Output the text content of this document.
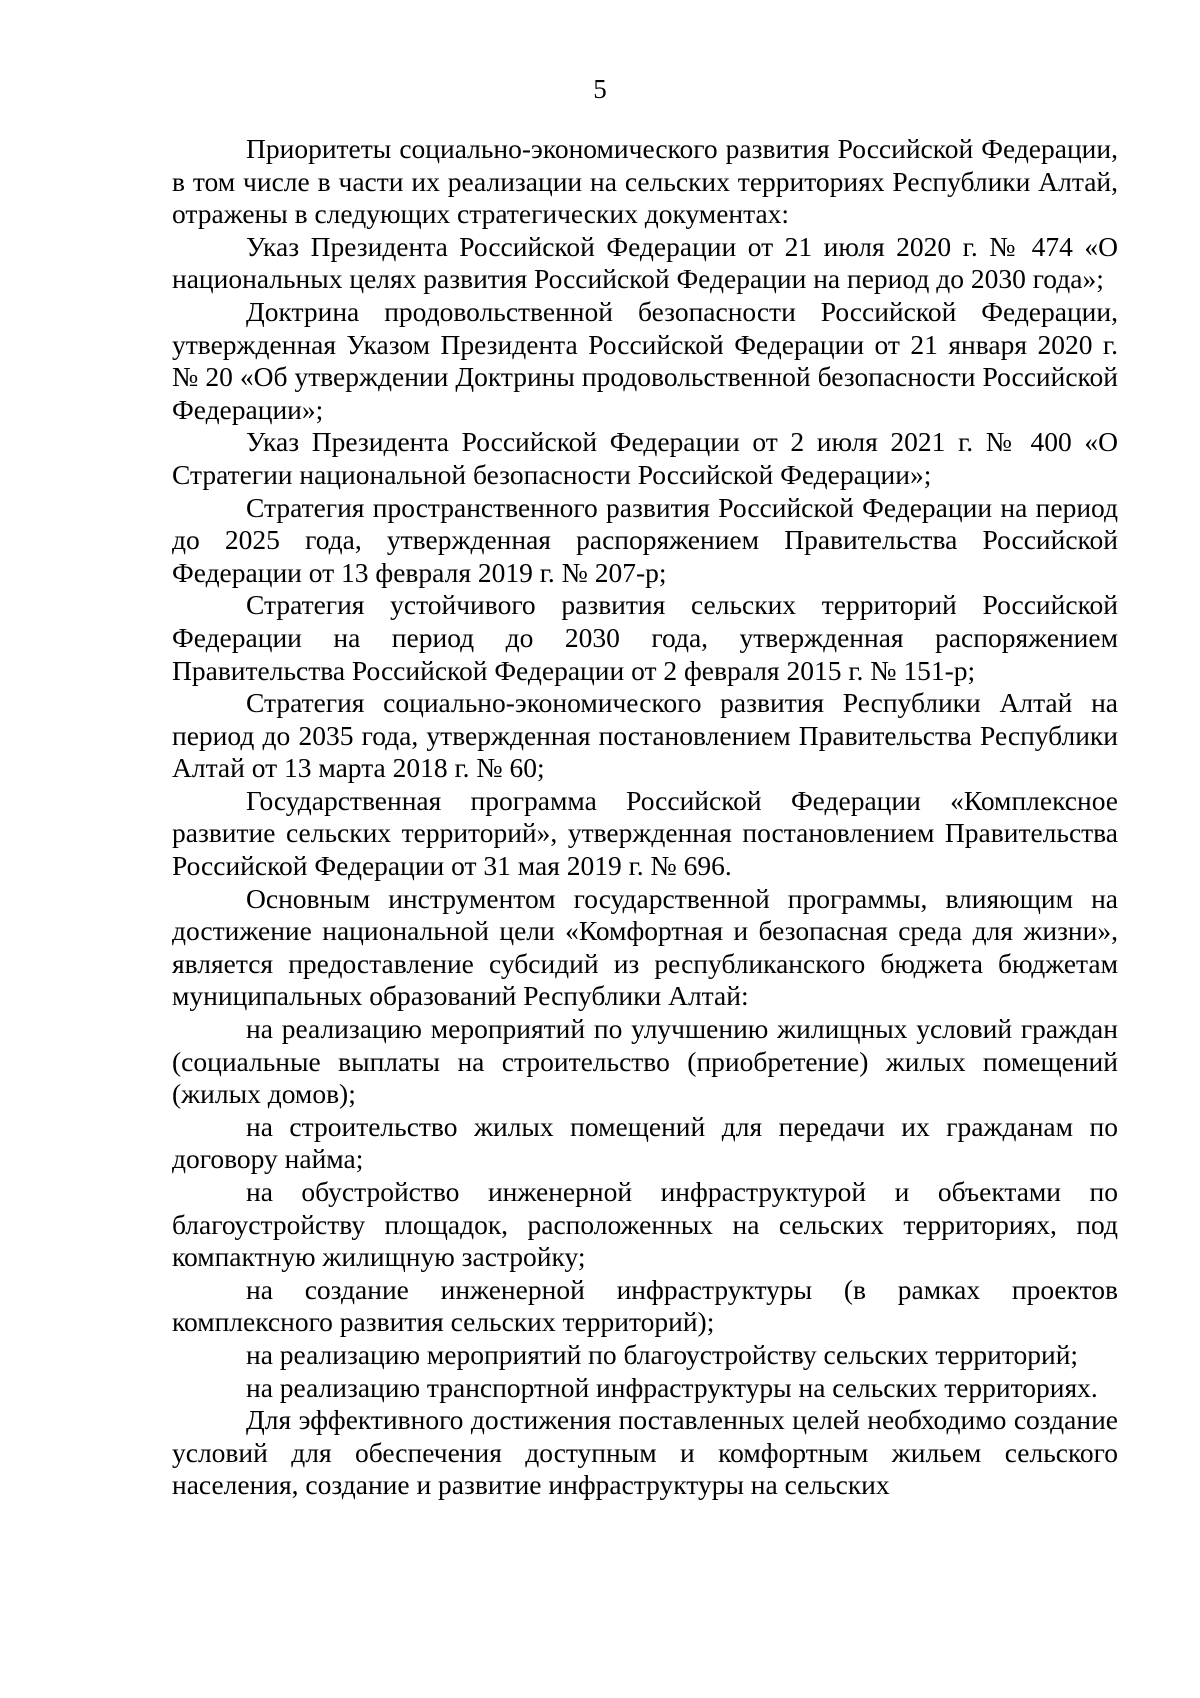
5

Приоритеты социально-экономического развития Российской Федерации, в том числе в части их реализации на сельских территориях Республики Алтай, отражены в следующих стратегических документах:

Указ Президента Российской Федерации от 21 июля 2020 г. № 474 «О национальных целях развития Российской Федерации на период до 2030 года»;

Доктрина продовольственной безопасности Российской Федерации, утвержденная Указом Президента Российской Федерации от 21 января 2020 г. № 20 «Об утверждении Доктрины продовольственной безопасности Российской Федерации»;

Указ Президента Российской Федерации от 2 июля 2021 г. № 400 «О Стратегии национальной безопасности Российской Федерации»;

Стратегия пространственного развития Российской Федерации на период до 2025 года, утвержденная распоряжением Правительства Российской Федерации от 13 февраля 2019 г. № 207-р;

Стратегия устойчивого развития сельских территорий Российской Федерации на период до 2030 года, утвержденная распоряжением Правительства Российской Федерации от 2 февраля 2015 г. № 151-р;

Стратегия социально-экономического развития Республики Алтай на период до 2035 года, утвержденная постановлением Правительства Республики Алтай от 13 марта 2018 г. № 60;

Государственная программа Российской Федерации «Комплексное развитие сельских территорий», утвержденная постановлением Правительства Российской Федерации от 31 мая 2019 г. № 696.

Основным инструментом государственной программы, влияющим на достижение национальной цели «Комфортная и безопасная среда для жизни», является предоставление субсидий из республиканского бюджета бюджетам муниципальных образований Республики Алтай:

на реализацию мероприятий по улучшению жилищных условий граждан (социальные выплаты на строительство (приобретение) жилых помещений (жилых домов);

на строительство жилых помещений для передачи их гражданам по договору найма;

на обустройство инженерной инфраструктурой и объектами по благоустройству площадок, расположенных на сельских территориях, под компактную жилищную застройку;

на создание инженерной инфраструктуры (в рамках проектов комплексного развития сельских территорий);

на реализацию мероприятий по благоустройству сельских территорий;

на реализацию транспортной инфраструктуры на сельских территориях.

Для эффективного достижения поставленных целей необходимо создание условий для обеспечения доступным и комфортным жильем сельского населения, создание и развитие инфраструктуры на сельских
